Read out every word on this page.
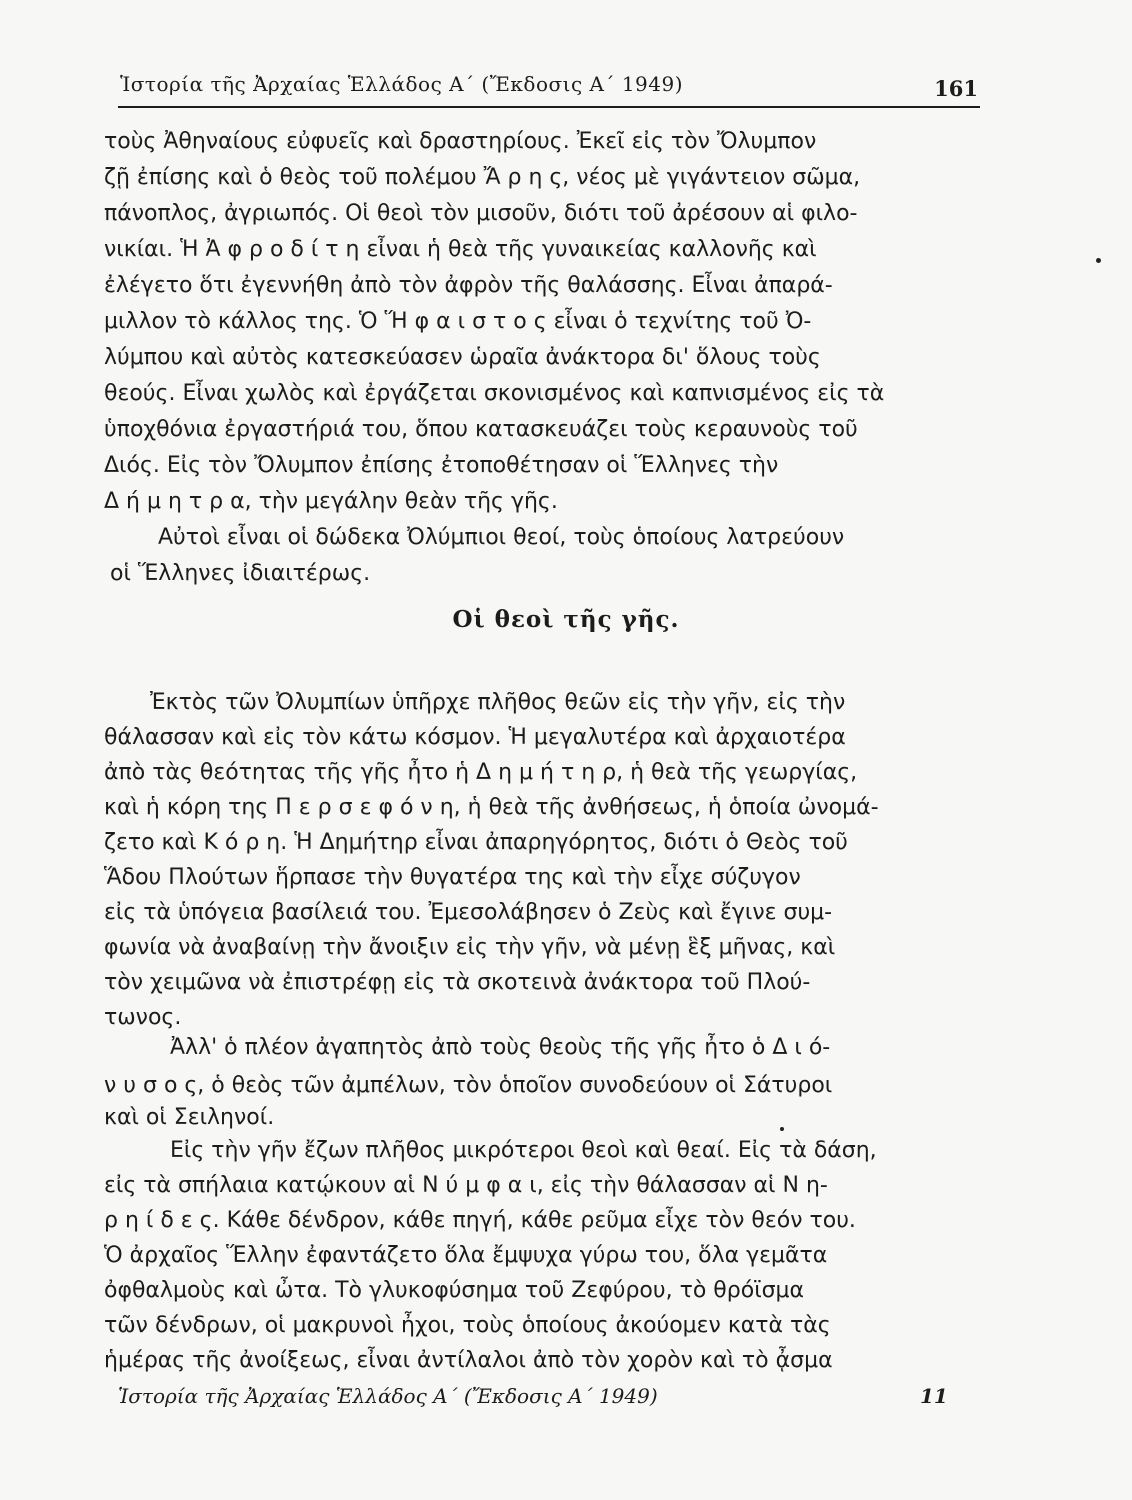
Ἱστορία τῆς Ἀρχαίας Ἑλλάδος Α΄ (Ἔκδοσις Α΄ 1949)	161
τοὺς Ἀθηναίους εὐφυεῖς καὶ δραστηρίους. Ἐκεῖ εἰς τὸν Ὄλυμπον
ζῇ ἐπίσης καὶ ὁ θεὸς τοῦ πολέμου Ἄ ρ η ς, νέος μὲ γιγάντειον σῶμα,
πάνοπλος, ἀγριωπός. Οἱ θεοὶ τὸν μισοῦν, διότι τοῦ ἀρέσουν αἱ φιλο-
νικίαι. Ἡ Ἀ φ ρ ο δ ί τ η εἶναι ἡ θεὰ τῆς γυναικείας καλλονῆς καὶ
ἐλέγετο ὅτι ἐγεννήθη ἀπὸ τὸν ἀφρὸν τῆς θαλάσσης. Εἶναι ἀπαρά-
μιλλον τὸ κάλλος της. Ὁ Ἥ φ α ι σ τ ο ς εἶναι ὁ τεχνίτης τοῦ Ὀ-
λύμπου καὶ αὐτὸς κατεσκεύασεν ὡραῖα ἀνάκτορα δι' ὅλους τοὺς
θεούς. Εἶναι χωλὸς καὶ ἐργάζεται σκονισμένος καὶ καπνισμένος εἰς τὰ
ὑποχθόνια ἐργαστήριά του, ὅπου κατασκευάζει τοὺς κεραυνοὺς τοῦ
Διός. Εἰς τὸν Ὄλυμπον ἐπίσης ἐτοποθέτησαν οἱ Ἕλληνες τὴν
Δ ή μ η τ ρ α, τὴν μεγάλην θεὰν τῆς γῆς.
Αὐτοὶ εἶναι οἱ δώδεκα Ὀλύμπιοι θεοί, τοὺς ὁποίους λατρεύουν
οἱ Ἕλληνες ἰδιαιτέρως.
Οἱ θεοὶ τῆς γῆς.
Ἐκτὸς τῶν Ὀλυμπίων ὑπῆρχε πλῆθος θεῶν εἰς τὴν γῆν, εἰς τὴν
θάλασσαν καὶ εἰς τὸν κάτω κόσμον. Ἡ μεγαλυτέρα καὶ ἀρχαιοτέρα
ἀπὸ τὰς θεότητας τῆς γῆς ἦτο ἡ Δ η μ ή τ η ρ, ἡ θεὰ τῆς γεωργίας,
καὶ ἡ κόρη της Π ε ρ σ ε φ ό ν η, ἡ θεὰ τῆς ἀνθήσεως, ἡ ὁποία ὠνομά-
ζετο καὶ Κ ό ρ η. Ἡ Δημήτηρ εἶναι ἀπαρηγόρητος, διότι ὁ Θεὸς τοῦ
Ἅδου Πλούτων ἥρπασε τὴν θυγατέρα της καὶ τὴν εἶχε σύζυγον
εἰς τὰ ὑπόγεια βασίλειά του. Ἐμεσολάβησεν ὁ Ζεὺς καὶ ἔγινε συμ-
φωνία νὰ ἀναβαίνῃ τὴν ἄνοιξιν εἰς τὴν γῆν, νὰ μένῃ ἓξ μῆνας, καὶ
τὸν χειμῶνα νὰ ἐπιστρέφῃ εἰς τὰ σκοτεινὰ ἀνάκτορα τοῦ Πλού-
τωνος.
Ἀλλ' ὁ πλέον ἀγαπητὸς ἀπὸ τοὺς θεοὺς τῆς γῆς ἦτο ὁ Δ ι ό-
ν υ σ ο ς, ὁ θεὸς τῶν ἀμπέλων, τὸν ὁποῖον συνοδεύουν οἱ Σάτυροι
καὶ οἱ Σειληνοί.
Εἰς τὴν γῆν ἔζων πλῆθος μικρότεροι θεοὶ καὶ θεαί. Εἰς τὰ δάση,
εἰς τὰ σπήλαια κατῴκουν αἱ Ν ύ μ φ α ι, εἰς τὴν θάλασσαν αἱ Ν η-
ρ η ί δ ε ς. Κάθε δένδρον, κάθε πηγή, κάθε ρεῦμα εἶχε τὸν θεόν του.
Ὁ ἀρχαῖος Ἕλλην ἐφαντάζετο ὅλα ἔμψυχα γύρω του, ὅλα γεμᾶτα
ὀφθαλμοὺς καὶ ὦτα. Τὸ γλυκοφύσημα τοῦ Ζεφύρου, τὸ θρόϊσμα
τῶν δένδρων, οἱ μακρυνοὶ ἦχοι, τοὺς ὁποίους ἀκούομεν κατὰ τὰς
ἡμέρας τῆς ἀνοίξεως, εἶναι ἀντίλαλοι ἀπὸ τὸν χορὸν καὶ τὸ ᾆσμα
Ἱστορία τῆς Ἀρχαίας Ἑλλάδος Α΄ (Ἔκδοσις Α΄ 1949)	11
